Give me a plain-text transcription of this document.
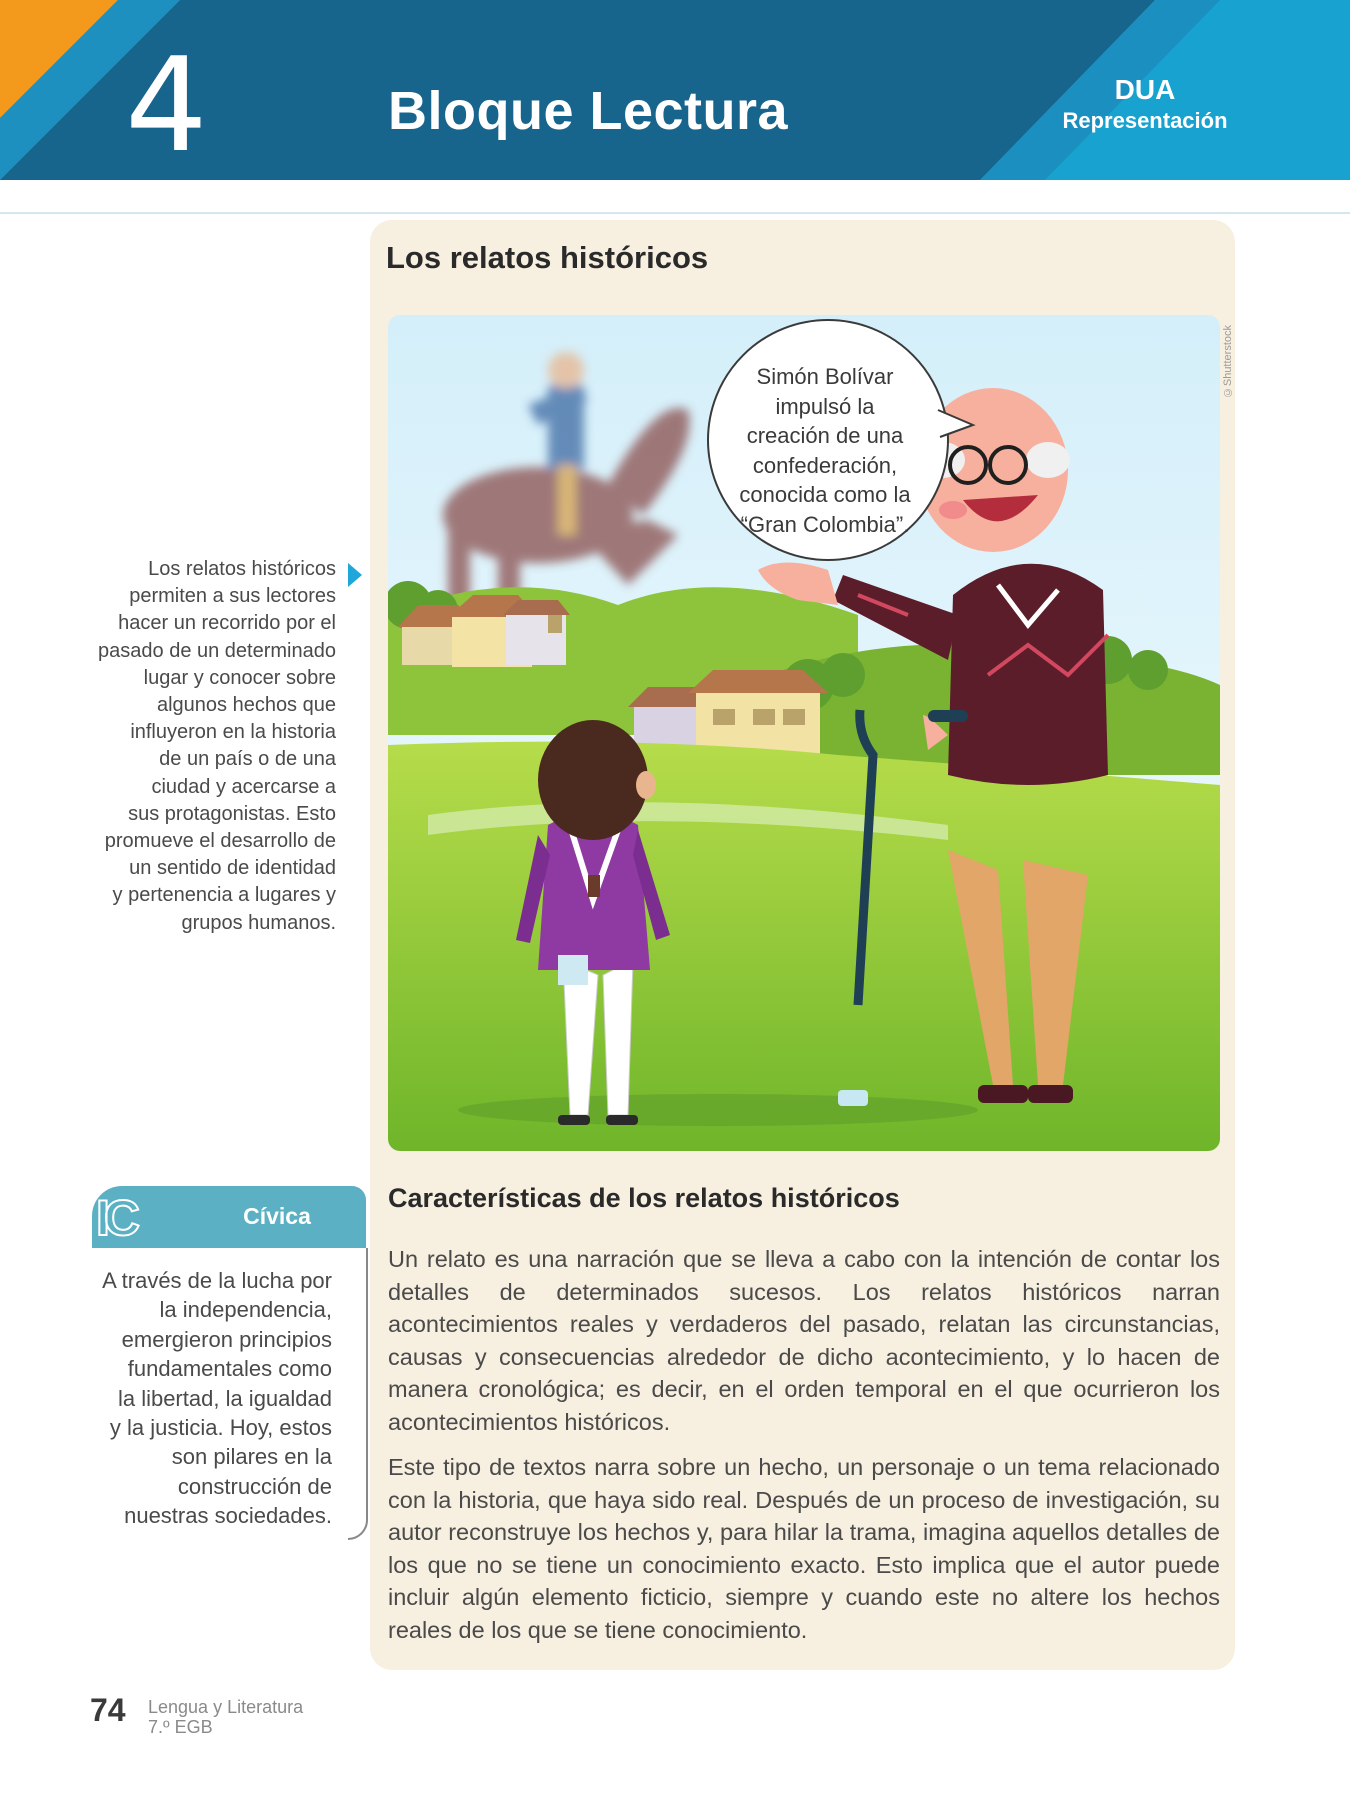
4	Bloque Lectura	DUA
Representación
Los relatos históricos
©Shutterstock
Simón Bolívar
impulsó la
creación de una
confederación,
conocida como la
“Gran Colombia”.
Características de los relatos históricos

Un relato es una narración que se lleva a cabo con la intención de contar los detalles de determinados sucesos. Los relatos históricos narran acontecimientos reales y verdaderos del pasado, relatan las circunstancias, causas y consecuencias alrededor de dicho acontecimiento, y lo hacen de manera cronológica; es decir, en el orden temporal en el que ocurrieron los acontecimientos históricos.

Este tipo de textos narra sobre un hecho, un personaje o un tema relacionado con la historia, que haya sido real. Después de un proceso de investigación, su autor reconstruye los hechos y, para hilar la trama, imagina aquellos detalles de los que no se tiene un conocimiento exacto. Esto implica que el autor puede incluir algún elemento ficticio, siempre y cuando este no altere los hechos reales de los que se tiene conocimiento.

Los relatos históricos
permiten a sus lectores
hacer un recorrido por el
pasado de un determinado
lugar y conocer sobre
algunos hechos que
influyeron en la historia
de un país o de una
ciudad y acercarse a
sus protagonistas. Esto
promueve el desarrollo de
un sentido de identidad
y pertenencia a lugares y
grupos humanos.
IC	Cívica
A través de la lucha por
la independencia,
emergieron principios
fundamentales como
la libertad, la igualdad
y la justicia. Hoy, estos
son pilares en la
construcción de
nuestras sociedades.
74 Lengua y Literatura
7.º EGB
